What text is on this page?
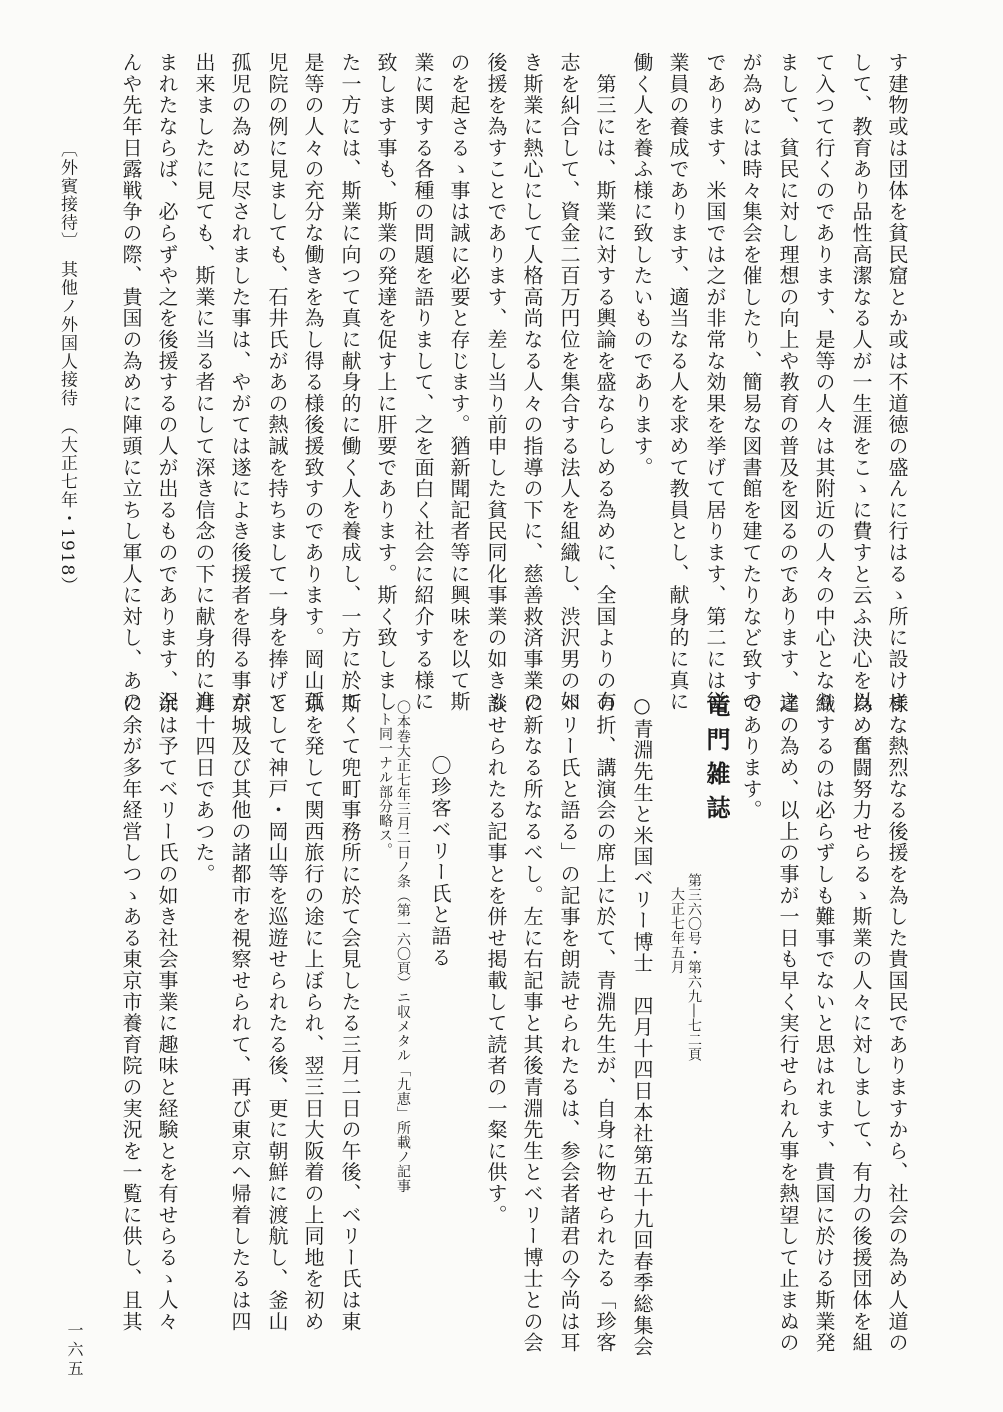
す建物或は団体を貧民窟とか或は不道徳の盛んに行はるゝ所に設けま
して、教育あり品性高潔なる人が一生涯をこゝに費すと云ふ決心を以
て入つて行くのであります、是等の人々は其附近の人々の中心となり
まして、貧民に対し理想の向上や教育の普及を図るのであります、之
が為めには時々集会を催したり、簡易な図書館を建てたりなど致すの
であります、米国では之が非常な効果を挙げて居ります、第二には従
業員の養成であります、適当なる人を求めて教員とし、献身的に真に
働く人を養ふ様に致したいものであります。
　第三には、斯業に対する輿論を盛ならしめる為めに、全国よりの有
志を糾合して、資金二百万円位を集合する法人を組織し、渋沢男の如
き斯業に熱心にして人格高尚なる人々の指導の下に、慈善救済事業の
後援を為すことであります、差し当り前申した貧民同化事業の如きも
のを起さるゝ事は誠に必要と存じます。猶新聞記者等に興味を以て斯
業に関する各種の問題を語りまして、之を面白く社会に紹介する様に
致します事も、斯業の発達を促す上に肝要であります。斯く致しまし
た一方には、斯業に向つて真に献身的に働く人を養成し、一方に於て
是等の人々の充分な働きを為し得る様後援致すのであります。岡山孤
児院の例に見ましても、石井氏があの熱誠を持ちまして一身を捧げて
孤児の為めに尽されました事は、やがては遂によき後援者を得る事が
出来ましたに見ても、斯業に当る者にして深き信念の下に献身的に進
まれたならば、必らずや之を後援するの人が出るものであります、況
んや先年日露戦争の際、貴国の為めに陣頭に立ちし軍人に対し、あの
様な熱烈なる後援を為した貴国民でありますから、社会の為め人道の
為め奮闘努力せらるゝ斯業の人々に対しまして、有力の後援団体を組
織するのは必らずしも難事でないと思はれます、貴国に於ける斯業発
達の為め、以上の事が一日も早く実行せられん事を熱望して止まぬの
であります。
竜門雑誌
第三六〇号・第六九―七二頁
大正七年五月
○青淵先生と米国ベリー博士　四月十四日本社第五十九回春季総集会
の折、講演会の席上に於て、青淵先生が、自身に物せられたる「珍客
ベリー氏と語る」の記事を朗読せられたるは、参会者諸君の今尚は耳
に新なる所なるべし。左に右記事と其後青淵先生とベリー博士との会
談せられたる記事とを併せ掲載して読者の一粲に供す。
〇珍客ベリー氏と語る
〇本巻大正七年三月二日ノ条（第一六〇頁）ニ収メタル「九恵」所載ノ記事
ト同一ナル部分略ス。
斯くて兜町事務所に於て会見したる三月二日の午後、ベリー氏は東
京を発して関西旅行の途に上ぼられ、翌三日大阪着の上同地を初め
として神戸・岡山等を巡遊せられたる後、更に朝鮮に渡航し、釜山
京城及び其他の諸都市を視察せられて、再び東京へ帰着したるは四
月十四日であつた。
余は予てベリー氏の如き社会事業に趣味と経験とを有せらるゝ人々
に余が多年経営しつゝある東京市養育院の実況を一覧に供し、且其
〔外賓接待〕　其他ノ外国人接待　（大正七年・1918）
一六五
